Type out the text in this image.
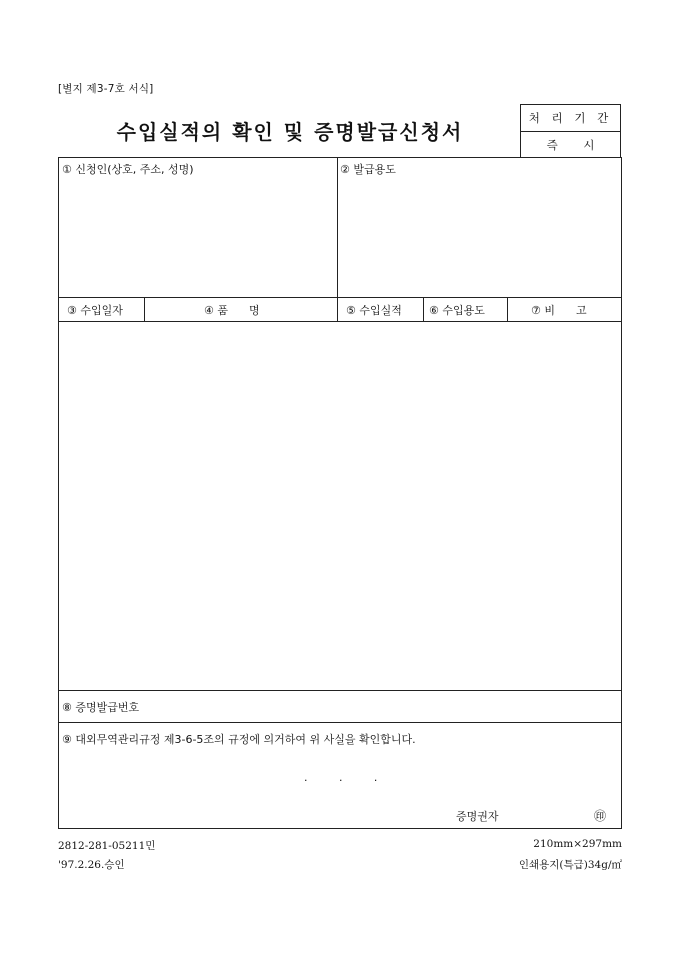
[별지 제3-7호 서식]
수입실적의 확인 및 증명발급신청서
처 리 기 간
즉 시
① 신청인(상호, 주소, 성명)	② 발급용도
③ 수입일자	④ 품      명	⑤ 수입실적 ⑥ 수입용도	⑦ 비      고
⑧ 증명발급번호
⑨ 대외무역관리규정 제3-6-5조의 규정에 의거하여 위 사실을 확인합니다.
.         .         .
증명권자	㊞
2812-281-05211민
'97.2.26.승인
210mm×297mm
인쇄용지(특급)34g/㎡
